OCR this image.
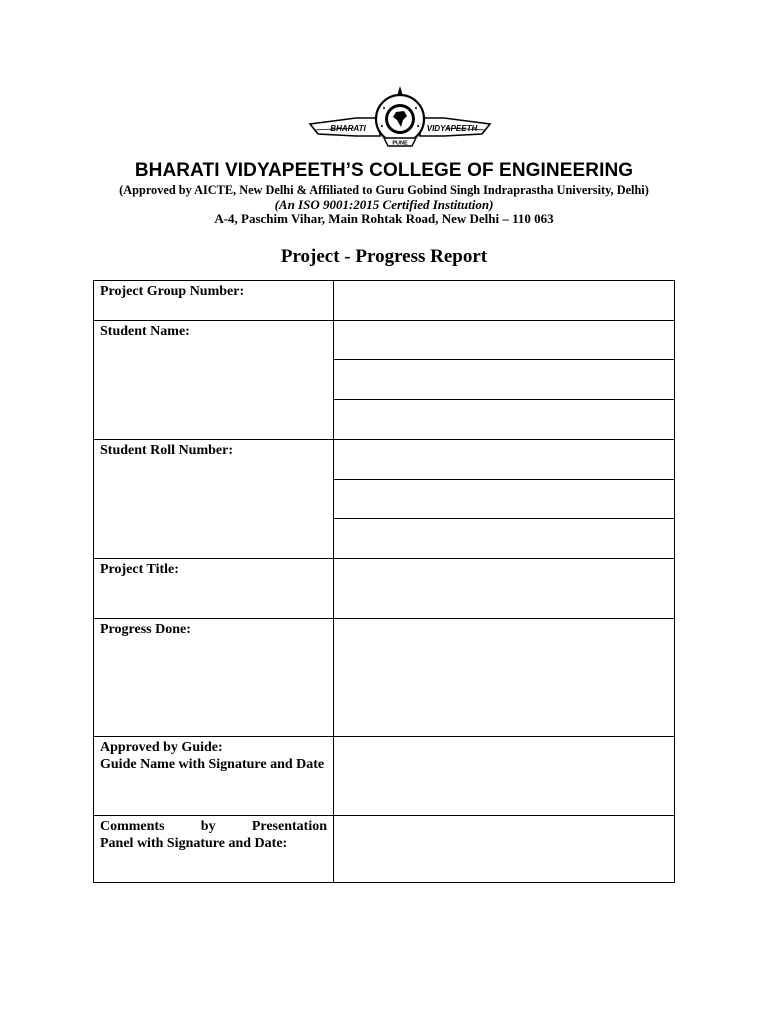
BHARATI	VIDYAPEETH
PUNE
BHARATI VIDYAPEETH’S COLLEGE OF ENGINEERING
(Approved by AICTE, New Delhi & Affiliated to Guru Gobind Singh Indraprastha University, Delhi)
(An ISO 9001:2015 Certified Institution)
A-4, Paschim Vihar, Main Rohtak Road, New Delhi – 110 063
Project - Progress Report
Project Group Number:	
Student Name:	

Student Roll Number:	

Project Title:	
Progress Done:	

Approved by Guide:
Guide Name with Signature and Date	

Comments by Presentation
Panel with Signature and Date:	
